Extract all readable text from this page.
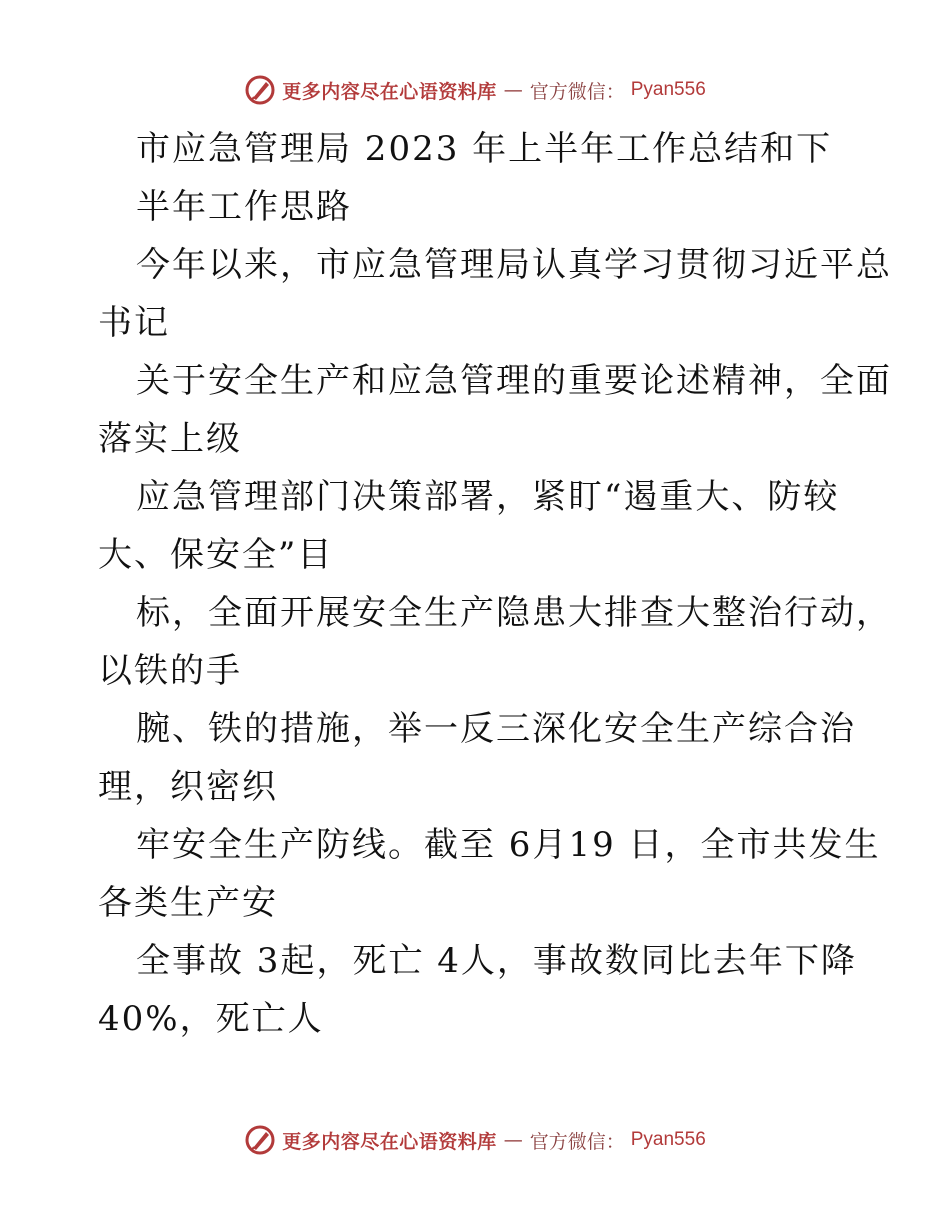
更多内容尽在心语资料库 — 官方微信： Pyan556
市应急管理局 2023 年上半年工作总结和下
半年工作思路
今年以来，市应急管理局认真学习贯彻习近平总
书记
关于安全生产和应急管理的重要论述精神，全面
落实上级
应急管理部门决策部署，紧盯“遏重大、防较
大、保安全”目
标，全面开展安全生产隐患大排查大整治行动，
以铁的手
腕、铁的措施，举一反三深化安全生产综合治
理，织密织
牢安全生产防线。截至 6月19 日，全市共发生
各类生产安
全事故 3起，死亡 4人，事故数同比去年下降
40%，死亡人
更多内容尽在心语资料库 — 官方微信： Pyan556
